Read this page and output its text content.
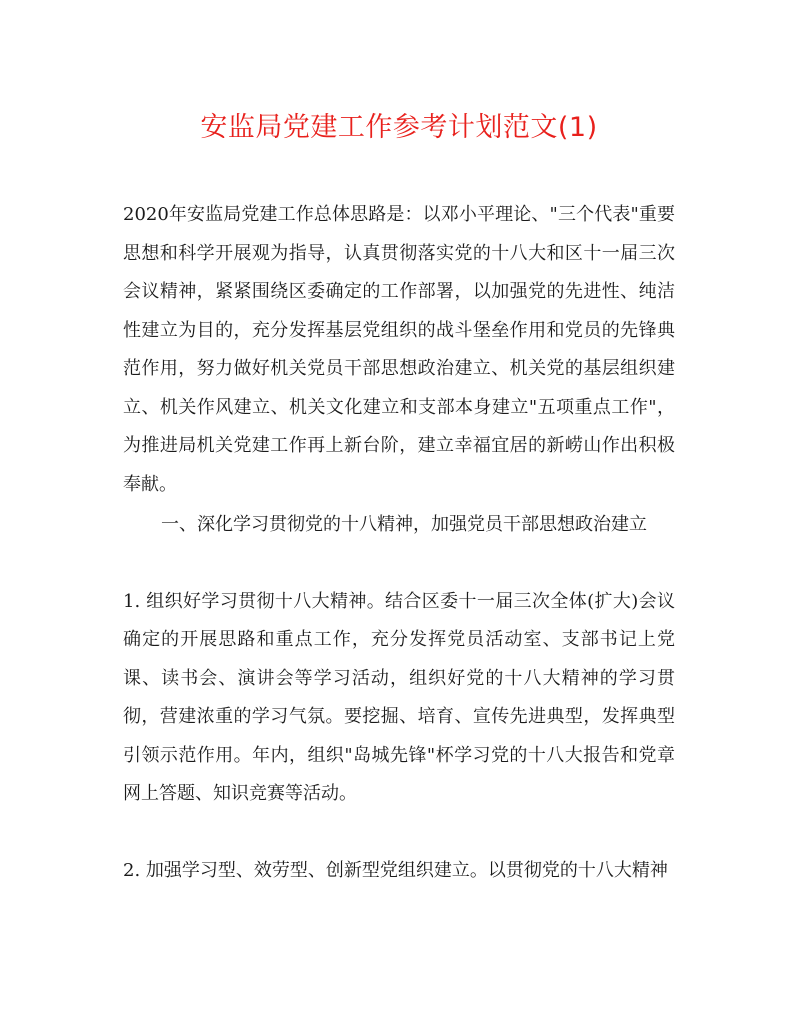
安监局党建工作参考计划范文(1)

2020年安监局党建工作总体思路是：以邓小平理论、"三个代表"重要思想和科学开展观为指导，认真贯彻落实党的十八大和区十一届三次会议精神，紧紧围绕区委确定的工作部署，以加强党的先进性、纯洁性建立为目的，充分发挥基层党组织的战斗堡垒作用和党员的先锋典范作用，努力做好机关党员干部思想政治建立、机关党的基层组织建立、机关作风建立、机关文化建立和支部本身建立"五项重点工作"，为推进局机关党建工作再上新台阶，建立幸福宜居的新崂山作出积极奉献。

一、深化学习贯彻党的十八精神，加强党员干部思想政治建立

1. 组织好学习贯彻十八大精神。结合区委十一届三次全体(扩大)会议确定的开展思路和重点工作，充分发挥党员活动室、支部书记上党课、读书会、演讲会等学习活动，组织好党的十八大精神的学习贯彻，营建浓重的学习气氛。要挖掘、培育、宣传先进典型，发挥典型引领示范作用。年内，组织"岛城先锋"杯学习党的十八大报告和党章网上答题、知识竞赛等活动。

2. 加强学习型、效劳型、创新型党组织建立。以贯彻党的十八大精神
